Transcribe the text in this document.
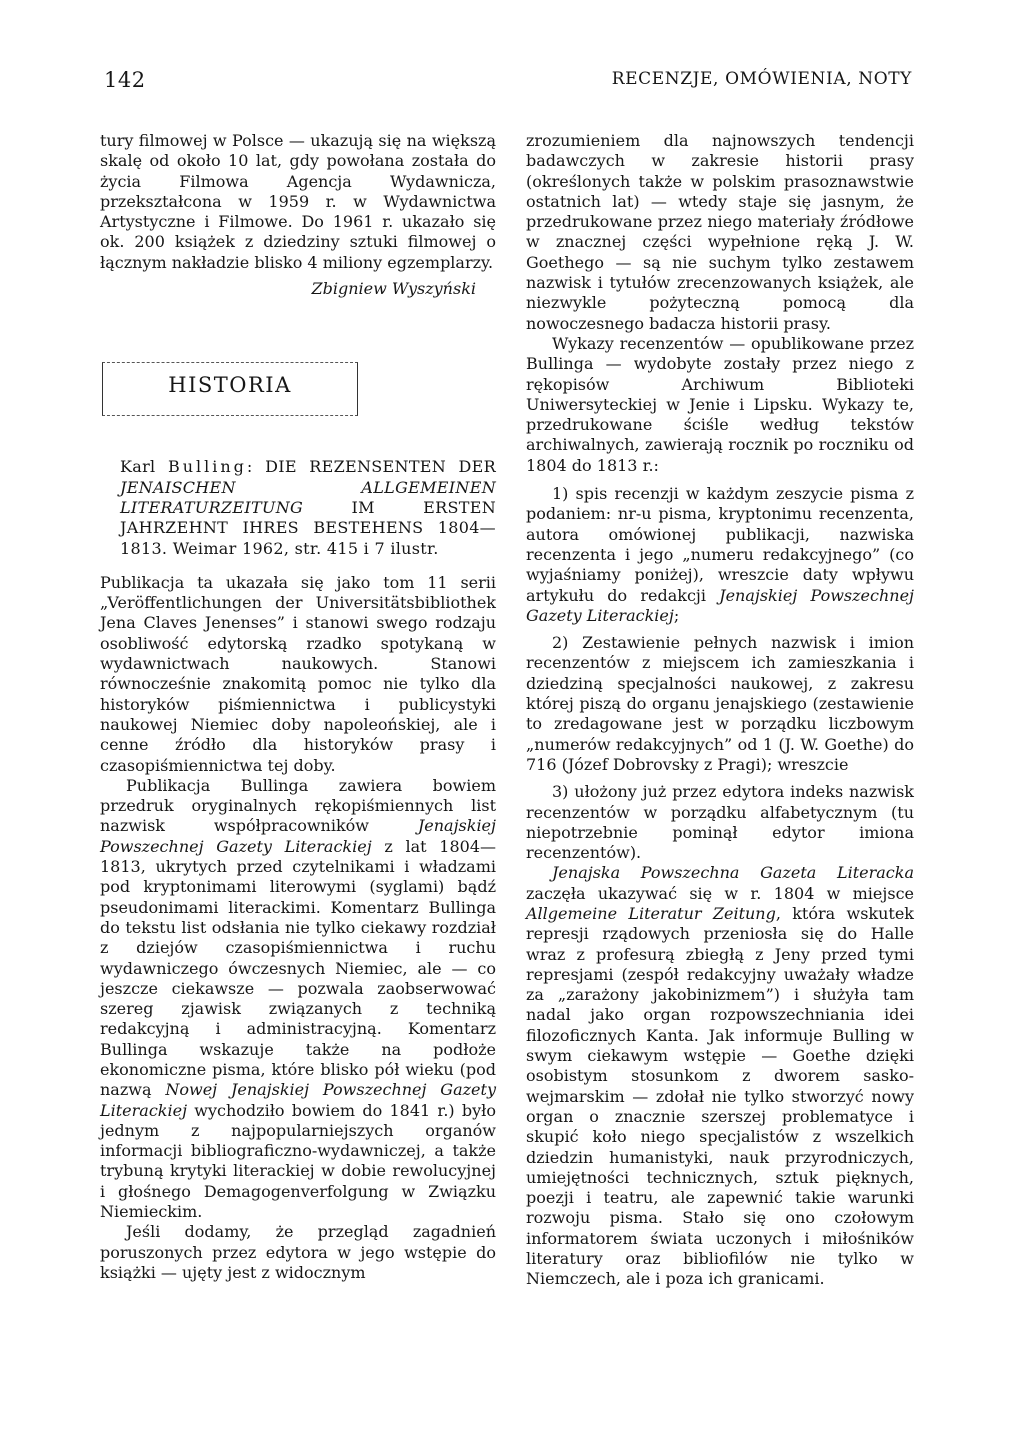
142	RECENZJE, OMÓWIENIA, NOTY

tury filmowej w Polsce — ukazują się na większą skalę od około 10 lat, gdy powołana została do życia Filmowa Agencja Wydawnicza, przekształcona w 1959 r. w Wydawnictwa Artystyczne i Filmowe. Do 1961 r. ukazało się ok. 200 książek z dziedziny sztuki filmowej o łącznym nakładzie blisko 4 miliony egzemplarzy.

Zbigniew Wyszyński

HISTORIA

Karl Bulling: DIE REZENSENTEN DER JENAISCHEN ALLGEMEINEN LITERATURZEITUNG	IM ERSTEN JAHRZEHNT IHRES BESTEHENS 1804—1813. Weimar 1962, str. 415 i 7 ilustr.

Publikacja ta ukazała się jako tom 11 serii „Veröffentlichungen der Universitätsbibliothek Jena Claves Jenenses” i stanowi swego rodzaju osobliwość edytorską rzadko spotykaną w wydawnictwach naukowych. Stanowi równocześnie znakomitą pomoc nie tylko dla historyków piśmiennictwa i publicystyki naukowej Niemiec doby napoleońskiej, ale i cenne źródło dla historyków prasy i czasopiśmiennictwa tej doby.

Publikacja Bullinga zawiera bowiem przedruk oryginalnych rękopiśmiennych list nazwisk współpracowników	Jenajskiej Powszechnej Gazety Literackiej z lat 1804—1813, ukrytych przed czytelnikami i władzami pod kryptonimami literowymi (syglami) bądź pseudonimami literackimi. Komentarz Bullinga do tekstu list odsłania nie tylko ciekawy rozdział z dziejów czasopiśmiennictwa i ruchu wydawniczego ówczesnych Niemiec, ale — co jeszcze ciekawsze — pozwala zaobserwować szereg zjawisk związanych z techniką redakcyjną i administracyjną. Komentarz Bullinga wskazuje także na podłoże ekonomiczne pisma, które blisko pół wieku (pod nazwą Nowej Jenajskiej Powszechnej Gazety Literackiej wychodziło bowiem do 1841 r.) było jednym z najpopularniejszych organów informacji bibliograficzno-wydawniczej, a także trybuną krytyki literackiej w dobie rewolucyjnej i głośnego Demagogenverfolgung w Związku Niemieckim.

Jeśli dodamy, że przegląd zagadnień poruszonych przez edytora w jego wstępie do książki — ujęty jest z widocznym

zrozumieniem dla najnowszych tendencji badawczych w zakresie historii prasy (określonych także w polskim prasoznawstwie ostatnich lat) — wtedy staje się jasnym, że przedrukowane przez niego materiały źródłowe w znacznej części wypełnione ręką J. W. Goethego — są nie suchym tylko zestawem nazwisk i tytułów zrecenzowanych książek, ale niezwykle pożyteczną pomocą dla nowoczesnego badacza historii prasy.

Wykazy recenzentów — opublikowane przez Bullinga — wydobyte zostały przez niego z rękopisów Archiwum Biblioteki Uniwersyteckiej w Jenie i Lipsku. Wykazy te, przedrukowane ściśle według tekstów archiwalnych, zawierają rocznik po roczniku od 1804 do 1813 r.:

1) spis recenzji w każdym zeszycie pisma z podaniem: nr-u pisma, kryptonimu recenzenta, autora omówionej publikacji, nazwiska recenzenta i jego „numeru redakcyjnego” (co wyjaśniamy poniżej), wreszcie daty wpływu artykułu do redakcji Jenajskiej Powszechnej Gazety Literackiej;

2) Zestawienie pełnych nazwisk i imion recenzentów z miejscem ich zamieszkania i dziedziną specjalności naukowej, z zakresu której piszą do organu jenajskiego (zestawienie to zredagowane jest w porządku liczbowym „numerów redakcyjnych” od 1 (J. W. Goethe) do 716 (Józef Dobrovsky z Pragi); wreszcie

3) ułożony już przez edytora indeks nazwisk recenzentów w porządku alfabetycznym (tu niepotrzebnie pominął edytor imiona recenzentów).

Jenajska Powszechna Gazeta Literacka zaczęła ukazywać się w r. 1804 w miejsce Allgemeine Literatur Zeitung, która wskutek represji rządowych przeniosła się do Halle wraz z profesurą zbiegłą z Jeny przed tymi represjami (zespół redakcyjny uważały władze za „zarażony jakobinizmem”) i służyła tam nadal jako organ rozpowszechniania idei filozoficznych Kanta. Jak informuje Bulling w swym ciekawym wstępie — Goethe dzięki osobistym stosunkom z dworem sasko-wejmarskim — zdołał nie tylko stworzyć nowy organ o znacznie szerszej problematyce i skupić koło niego specjalistów z wszelkich dziedzin humanistyki, nauk przyrodniczych, umiejętności technicznych, sztuk pięknych, poezji i teatru, ale zapewnić takie warunki rozwoju pisma. Stało się ono czołowym informatorem świata uczonych i miłośników literatury oraz bibliofilów nie tylko w Niemczech, ale i poza ich granicami.
